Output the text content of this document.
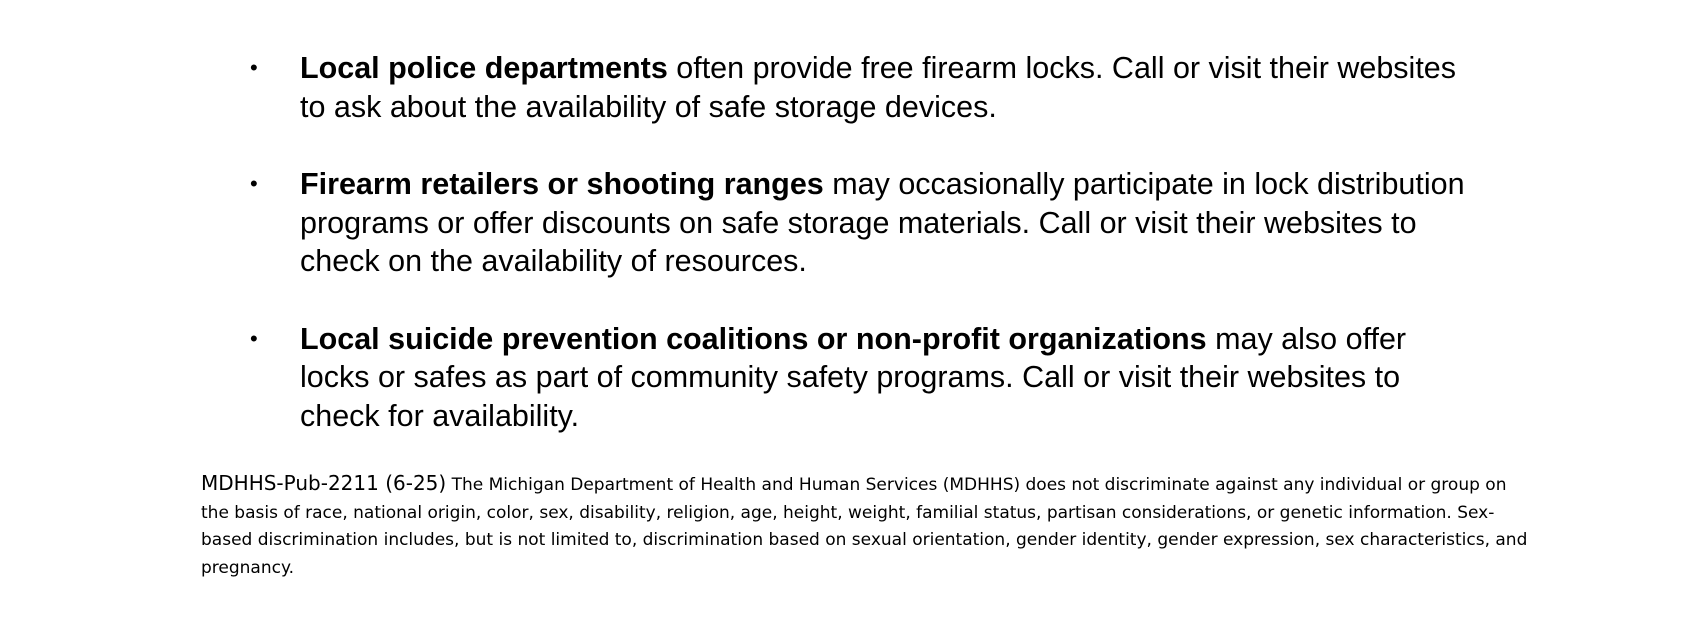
•	Local police departments often provide free firearm locks. Call or visit their websites to ask about the availability of safe storage devices.
•	Firearm retailers or shooting ranges may occasionally participate in lock distribution programs or offer discounts on safe storage materials. Call or visit their websites to check on the availability of resources.
•	Local suicide prevention coalitions or non-profit organizations may also offer locks or safes as part of community safety programs. Call or visit their websites to check for availability.

MDHHS-Pub-2211 (6-25) The Michigan Department of Health and Human Services (MDHHS) does not discriminate against any individual or group on the basis of race, national origin, color, sex, disability, religion, age, height, weight, familial status, partisan considerations, or genetic information. Sex-based discrimination includes, but is not limited to, discrimination based on sexual orientation, gender identity, gender expression, sex characteristics, and pregnancy.
